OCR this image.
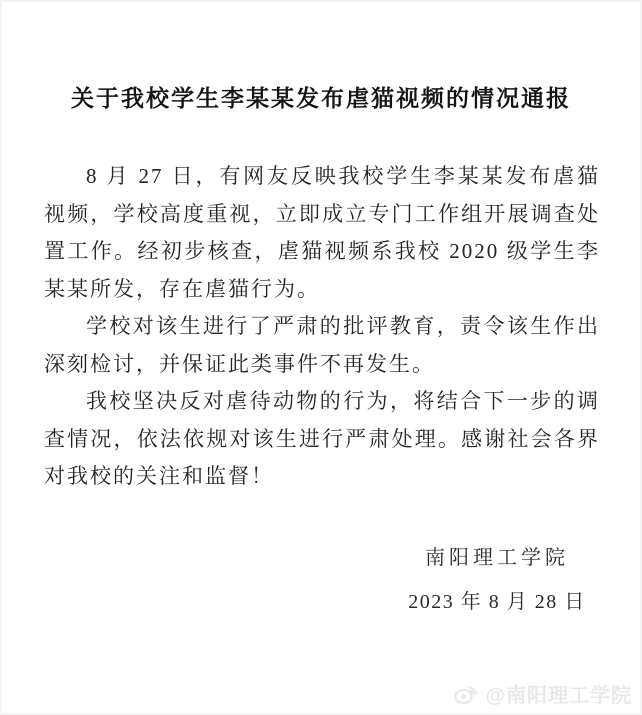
关于我校学生李某某发布虐猫视频的情况通报

8 月 27 日，有网友反映我校学生李某某发布虐猫视频，学校高度重视，立即成立专门工作组开展调查处置工作。经初步核查，虐猫视频系我校 2020 级学生李某某所发，存在虐猫行为。

学校对该生进行了严肃的批评教育，责令该生作出深刻检讨，并保证此类事件不再发生。

我校坚决反对虐待动物的行为，将结合下一步的调查情况，依法依规对该生进行严肃处理。感谢社会各界对我校的关注和监督！

南阳理工学院
2023 年 8 月 28 日
@南阳理工学院
